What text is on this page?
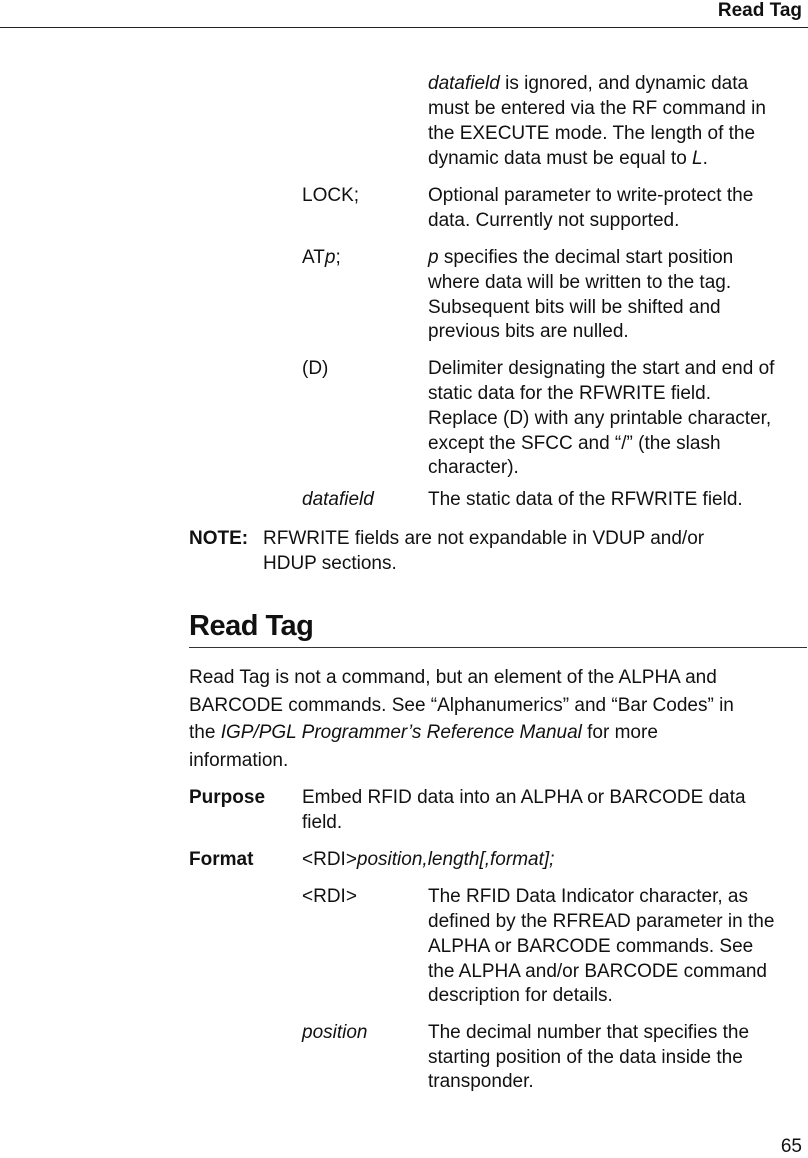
Read Tag
datafield is ignored, and dynamic data
must be entered via the RF command in
the EXECUTE mode. The length of the
dynamic data must be equal to L.
LOCK;	Optional parameter to write-protect the
data. Currently not supported.
ATp;	p specifies the decimal start position
where data will be written to the tag.
Subsequent bits will be shifted and
previous bits are nulled.
(D)	Delimiter designating the start and end of
static data for the RFWRITE field.
Replace (D) with any printable character,
except the SFCC and “/” (the slash
character).
datafield	The static data of the RFWRITE field.
NOTE: RFWRITE fields are not expandable in VDUP and/or
HDUP sections.
Read Tag
Read Tag is not a command, but an element of the ALPHA and
BARCODE commands. See “Alphanumerics” and “Bar Codes” in
the IGP/PGL Programmer’s Reference Manual for more
information.
Purpose Embed RFID data into an ALPHA or BARCODE data
field.
Format	<RDI>position,length[,format];
<RDI>	The RFID Data Indicator character, as
defined by the RFREAD parameter in the
ALPHA or BARCODE commands. See
the ALPHA and/or BARCODE command
description for details.
position	The decimal number that specifies the
starting position of the data inside the
transponder.
65
